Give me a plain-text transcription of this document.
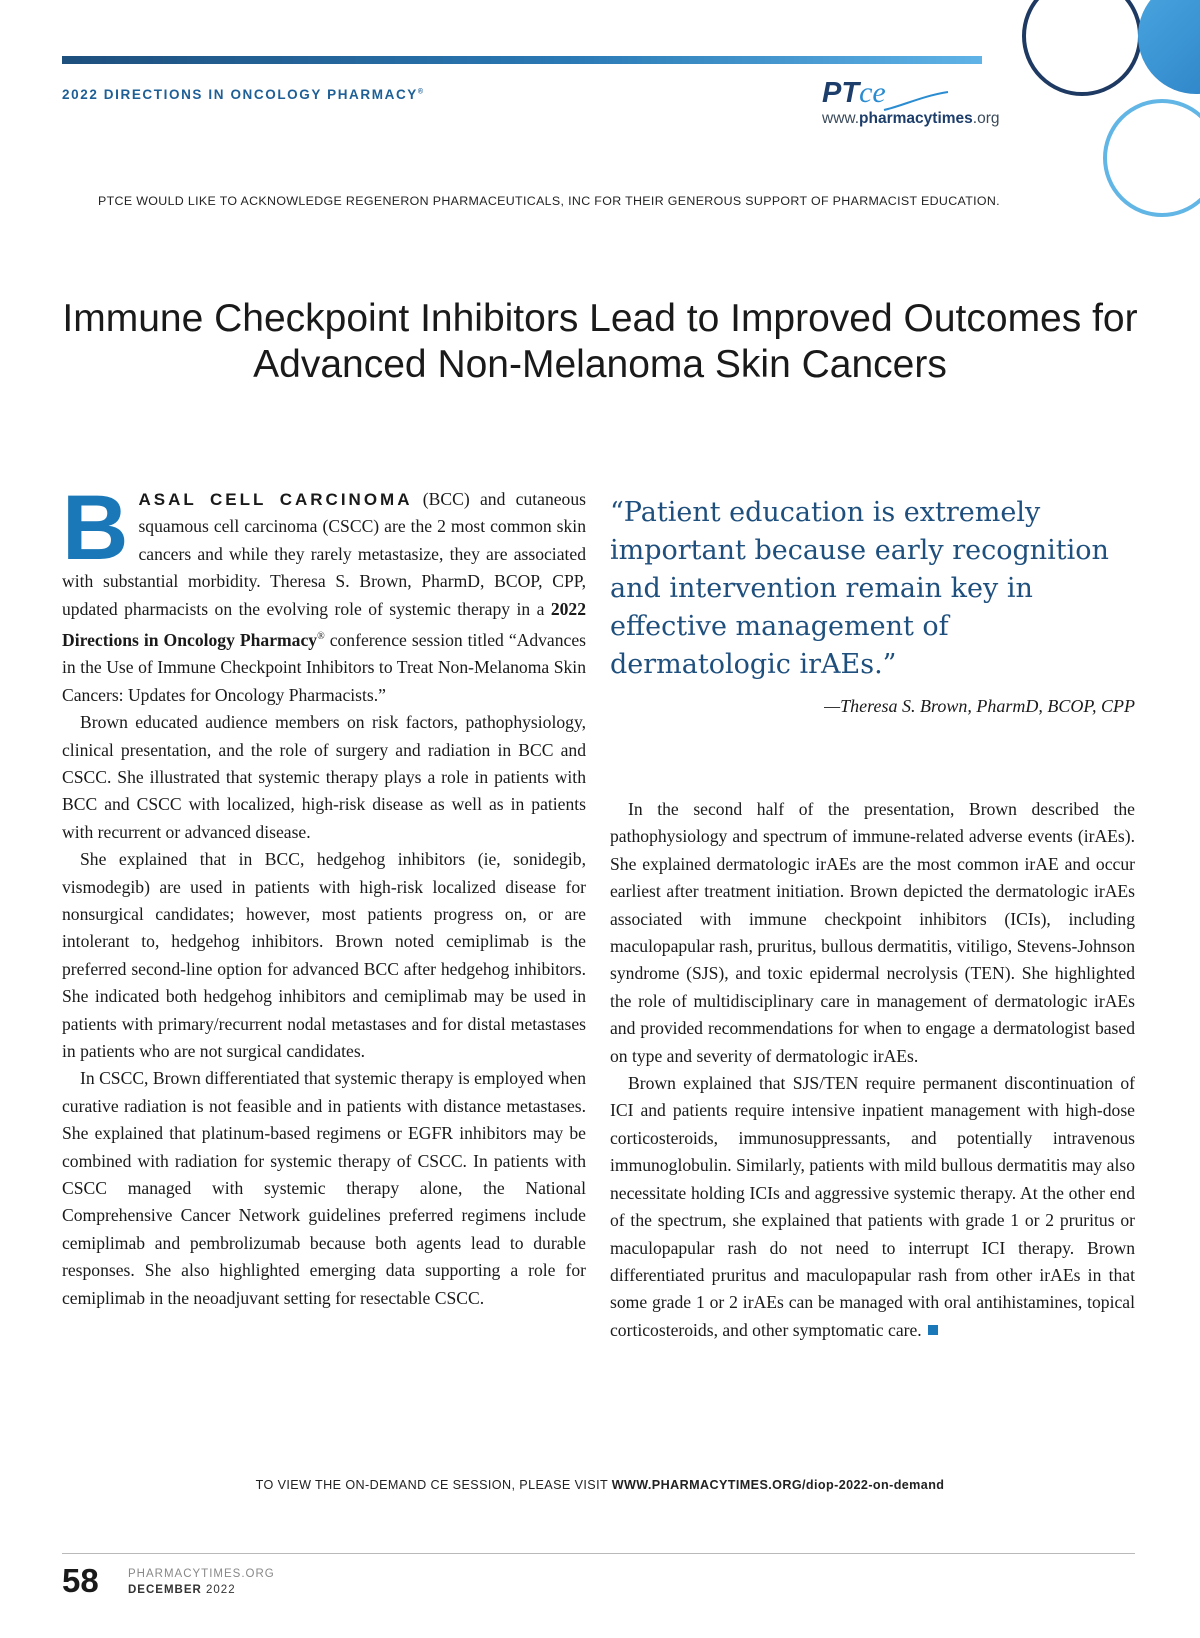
2022 DIRECTIONS IN ONCOLOGY PHARMACY®	PTce
www.pharmacytimes.org
PTCE WOULD LIKE TO ACKNOWLEDGE REGENERON PHARMACEUTICALS, INC FOR THEIR GENEROUS SUPPORT OF PHARMACIST EDUCATION.
Immune Checkpoint Inhibitors Lead to Improved Outcomes for Advanced Non-Melanoma Skin Cancers

BASAL CELL CARCINOMA (BCC) and cutaneous squamous cell carcinoma (CSCC) are the 2 most common skin cancers and while they rarely metastasize, they are associated with substantial morbidity. Theresa S. Brown, PharmD, BCOP, CPP, updated pharmacists on the evolving role of systemic therapy in a 2022 Directions in Oncology Pharmacy® conference session titled “Advances in the Use of Immune Checkpoint Inhibitors to Treat Non-Melanoma Skin Cancers: Updates for Oncology Pharmacists.”

Brown educated audience members on risk factors, pathophysiology, clinical presentation, and the role of surgery and radiation in BCC and CSCC. She illustrated that systemic therapy plays a role in patients with BCC and CSCC with localized, high-risk disease as well as in patients with recurrent or advanced disease.

She explained that in BCC, hedgehog inhibitors (ie, sonidegib, vismodegib) are used in patients with high-risk localized disease for nonsurgical candidates; however, most patients progress on, or are intolerant to, hedgehog inhibitors. Brown noted cemiplimab is the preferred second-line option for advanced BCC after hedgehog inhibitors. She indicated both hedgehog inhibitors and cemiplimab may be used in patients with primary/recurrent nodal metastases and for distal metastases in patients who are not surgical candidates.

In CSCC, Brown differentiated that systemic therapy is employed when curative radiation is not feasible and in patients with distance metastases. She explained that platinum-based regimens or EGFR inhibitors may be combined with radiation for systemic therapy of CSCC. In patients with CSCC managed with systemic therapy alone, the National Comprehensive Cancer Network guidelines preferred regimens include cemiplimab and pembrolizumab because both agents lead to durable responses. She also highlighted emerging data supporting a role for cemiplimab in the neoadjuvant setting for resectable CSCC.

“Patient education is extremely important because early recognition and intervention remain key in effective management of dermatologic irAEs.”
—Theresa S. Brown, PharmD, BCOP, CPP

In the second half of the presentation, Brown described the pathophysiology and spectrum of immune-related adverse events (irAEs). She explained dermatologic irAEs are the most common irAE and occur earliest after treatment initiation. Brown depicted the dermatologic irAEs associated with immune checkpoint inhibitors (ICIs), including maculopapular rash, pruritus, bullous dermatitis, vitiligo, Stevens-Johnson syndrome (SJS), and toxic epidermal necrolysis (TEN). She highlighted the role of multidisciplinary care in management of dermatologic irAEs and provided recommendations for when to engage a dermatologist based on type and severity of dermatologic irAEs.

Brown explained that SJS/TEN require permanent discontinuation of ICI and patients require intensive inpatient management with high-dose corticosteroids, immunosuppressants, and potentially intravenous immunoglobulin. Similarly, patients with mild bullous dermatitis may also necessitate holding ICIs and aggressive systemic therapy. At the other end of the spectrum, she explained that patients with grade 1 or 2 pruritus or maculopapular rash do not need to interrupt ICI therapy. Brown differentiated pruritus and maculopapular rash from other irAEs in that some grade 1 or 2 irAEs can be managed with oral antihistamines, topical corticosteroids, and other symptomatic care.

TO VIEW THE ON-DEMAND CE SESSION, PLEASE VISIT WWW.PHARMACYTIMES.ORG/diop-2022-on-demand
58	PHARMACYTIMES.ORG
DECEMBER 2022
